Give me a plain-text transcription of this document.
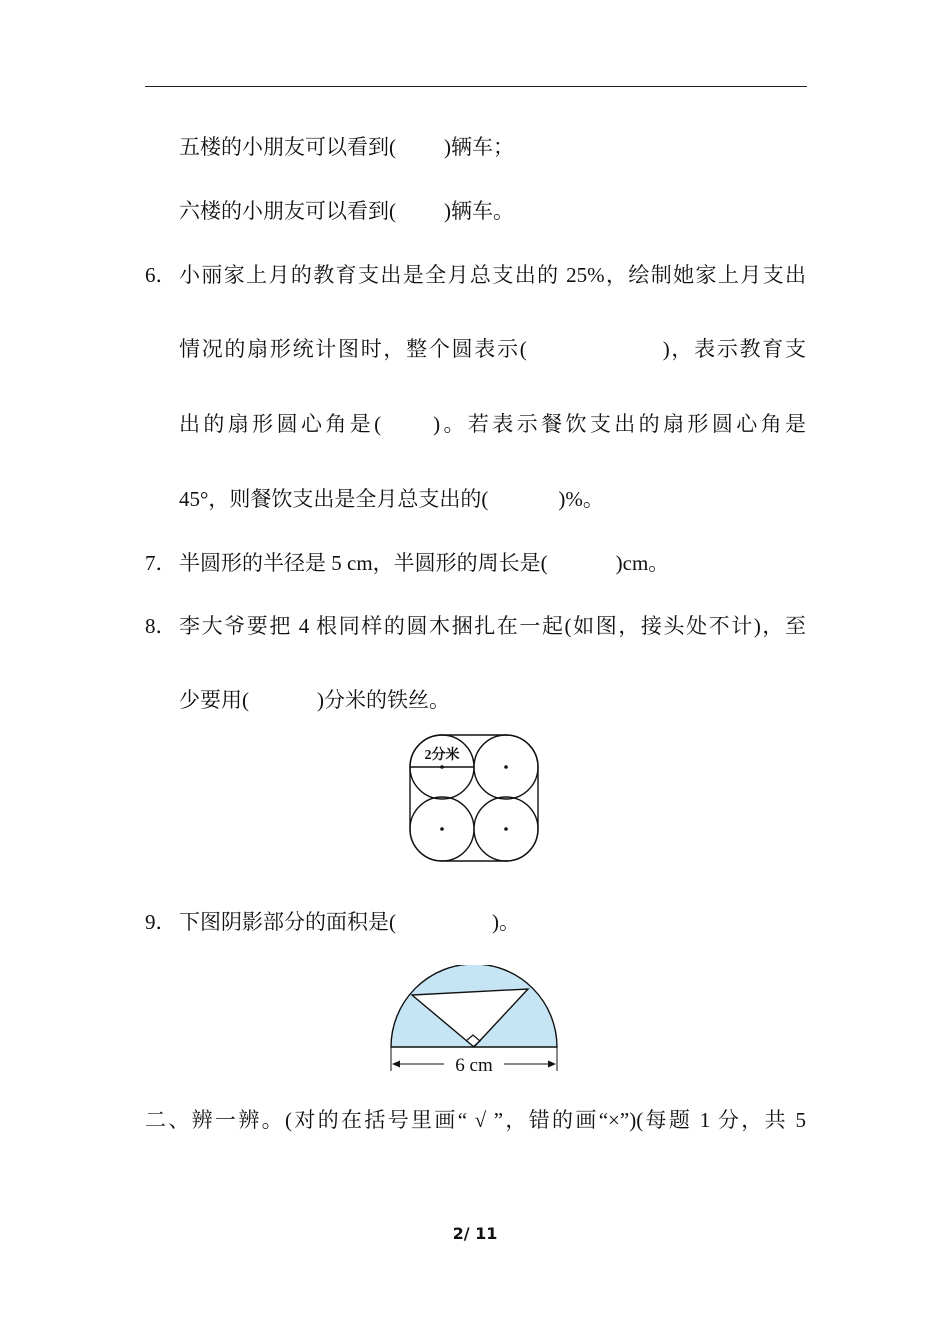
五楼的小朋友可以看到( )辆车；
六楼的小朋友可以看到( )辆车。
6． 小丽家上月的教育支出是全月总支出的 25%，绘制她家上月支出
情况的扇形统计图时，整个圆表示(	)，表示教育支
出的扇形圆心角是( )。若表示餐饮支出的扇形圆心角是
45°，则餐饮支出是全月总支出的(	)%。
7． 半圆形的半径是 5 cm，半圆形的周长是(	)cm。
8． 李大爷要把 4 根同样的圆木捆扎在一起(如图，接头处不计)，至
少要用(	)分米的铁丝。
2分米
9． 下图阴影部分的面积是(	)。
6 cm
二、辨一辨。(对的在括号里画“ √ ”，错的画“×”)(每题 1 分，共 5
2/ 11
